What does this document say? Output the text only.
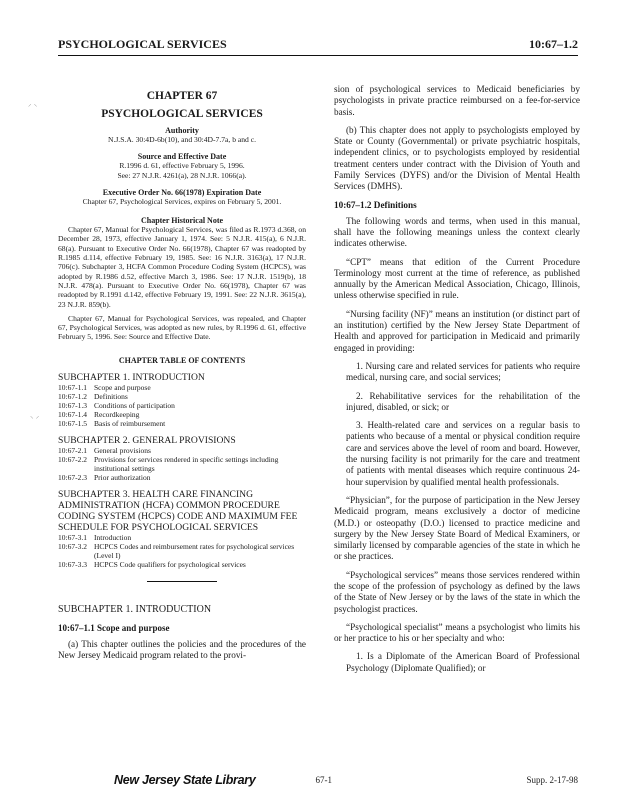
PSYCHOLOGICAL SERVICES	10:67–1.2
⸝ ⸜
⸜ ⸝
CHAPTER 67
PSYCHOLOGICAL SERVICES
Authority
N.J.S.A. 30:4D-6b(10), and 30:4D-7.7a, b and c.
Source and Effective Date
R.1996 d. 61, effective February 5, 1996.
See: 27 N.J.R. 4261(a), 28 N.J.R. 1066(a).
Executive Order No. 66(1978) Expiration Date
Chapter 67, Psychological Services, expires on February 5, 2001.
Chapter Historical Note
Chapter 67, Manual for Psychological Services, was filed as R.1973 d.368, on December 28, 1973, effective January 1, 1974. See: 5 N.J.R. 415(a), 6 N.J.R. 68(a). Pursuant to Executive Order No. 66(1978), Chapter 67 was readopted by R.1985 d.114, effective February 19, 1985. See: 16 N.J.R. 3163(a), 17 N.J.R. 706(c). Subchapter 3, HCFA Common Procedure Coding System (HCPCS), was adopted by R.1986 d.52, effective March 3, 1986. See: 17 N.J.R. 1519(b), 18 N.J.R. 478(a). Pursuant to Executive Order No. 66(1978), Chapter 67 was readopted by R.1991 d.142, effective February 19, 1991. See: 22 N.J.R. 3615(a), 23 N.J.R. 859(b).
Chapter 67, Manual for Psychological Services, was repealed, and Chapter 67, Psychological Services, was adopted as new rules, by R.1996 d. 61, effective February 5, 1996. See: Source and Effective Date.
CHAPTER TABLE OF CONTENTS
SUBCHAPTER 1. INTRODUCTION
10:67-1.1 Scope and purpose
10:67-1.2 Definitions
10:67-1.3 Conditions of participation
10:67-1.4 Recordkeeping
10:67-1.5 Basis of reimbursement
SUBCHAPTER 2. GENERAL PROVISIONS
10:67-2.1 General provisions
10:67-2.2 Provisions for services rendered in specific settings including institutional settings
10:67-2.3 Prior authorization
SUBCHAPTER 3. HEALTH CARE FINANCING ADMINISTRATION (HCFA) COMMON PROCEDURE CODING SYSTEM (HCPCS) CODE AND MAXIMUM FEE SCHEDULE FOR PSYCHOLOGICAL SERVICES
10:67-3.1 Introduction
10:67-3.2 HCPCS Codes and reimbursement rates for psychological services (Level I)
10:67-3.3 HCPCS Code qualifiers for psychological services
SUBCHAPTER 1. INTRODUCTION
10:67–1.1 Scope and purpose
(a) This chapter outlines the policies and the procedures of the New Jersey Medicaid program related to the provi-

sion of psychological services to Medicaid beneficiaries by psychologists in private practice reimbursed on a fee-for-service basis.

(b) This chapter does not apply to psychologists employed by State or County (Governmental) or private psychiatric hospitals, independent clinics, or to psychologists employed by residential treatment centers under contract with the Division of Youth and Family Services (DYFS) and/or the Division of Mental Health Services (DMHS).

10:67–1.2 Definitions

The following words and terms, when used in this manual, shall have the following meanings unless the context clearly indicates otherwise.

“CPT” means that edition of the Current Procedure Terminology most current at the time of reference, as published annually by the American Medical Association, Chicago, Illinois, unless otherwise specified in rule.

“Nursing facility (NF)” means an institution (or distinct part of an institution) certified by the New Jersey State Department of Health and approved for participation in Medicaid and primarily engaged in providing:

1. Nursing care and related services for patients who require medical, nursing care, and social services;

2. Rehabilitative services for the rehabilitation of the injured, disabled, or sick; or

3. Health-related care and services on a regular basis to patients who because of a mental or physical condition require care and services above the level of room and board. However, the nursing facility is not primarily for the care and treatment of patients with mental diseases which require continuous 24-hour supervision by qualified mental health professionals.

“Physician”, for the purpose of participation in the New Jersey Medicaid program, means exclusively a doctor of medicine (M.D.) or osteopathy (D.O.) licensed to practice medicine and surgery by the New Jersey State Board of Medical Examiners, or similarly licensed by comparable agencies of the state in which he or she practices.

“Psychological services” means those services rendered within the scope of the profession of psychology as defined by the laws of the State of New Jersey or by the laws of the state in which the psychologist practices.

“Psychological specialist” means a psychologist who limits his or her practice to his or her specialty and who:

1. Is a Diplomate of the American Board of Professional Psychology (Diplomate Qualified); or

New Jersey State Library	67-1	Supp. 2-17-98
